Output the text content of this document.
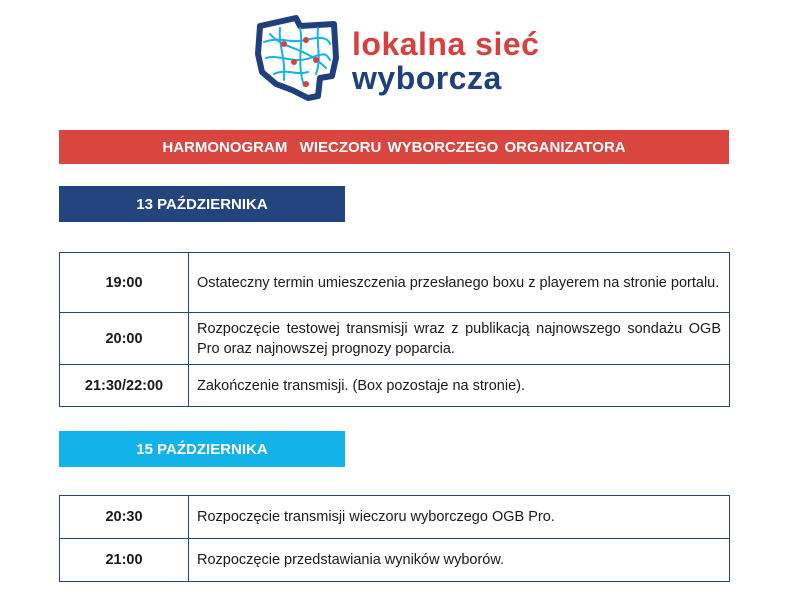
lokalna sieć
wyborcza
HARMONOGRAM  WIECZORU WYBORCZEGO ORGANIZATORA
13 PAŹDZIERNIKA
19:00	Ostateczny termin umieszczenia przesłanego boxu z playerem na stronie portalu.
20:00	Rozpoczęcie testowej transmisji wraz z publikacją najnowszego sondażu OGB Pro oraz najnowszej prognozy poparcia.
21:30/22:00	Zakończenie transmisji. (Box pozostaje na stronie).
15 PAŹDZIERNIKA
20:30	Rozpoczęcie transmisji wieczoru wyborczego OGB Pro.
21:00	Rozpoczęcie przedstawiania wyników wyborów.
